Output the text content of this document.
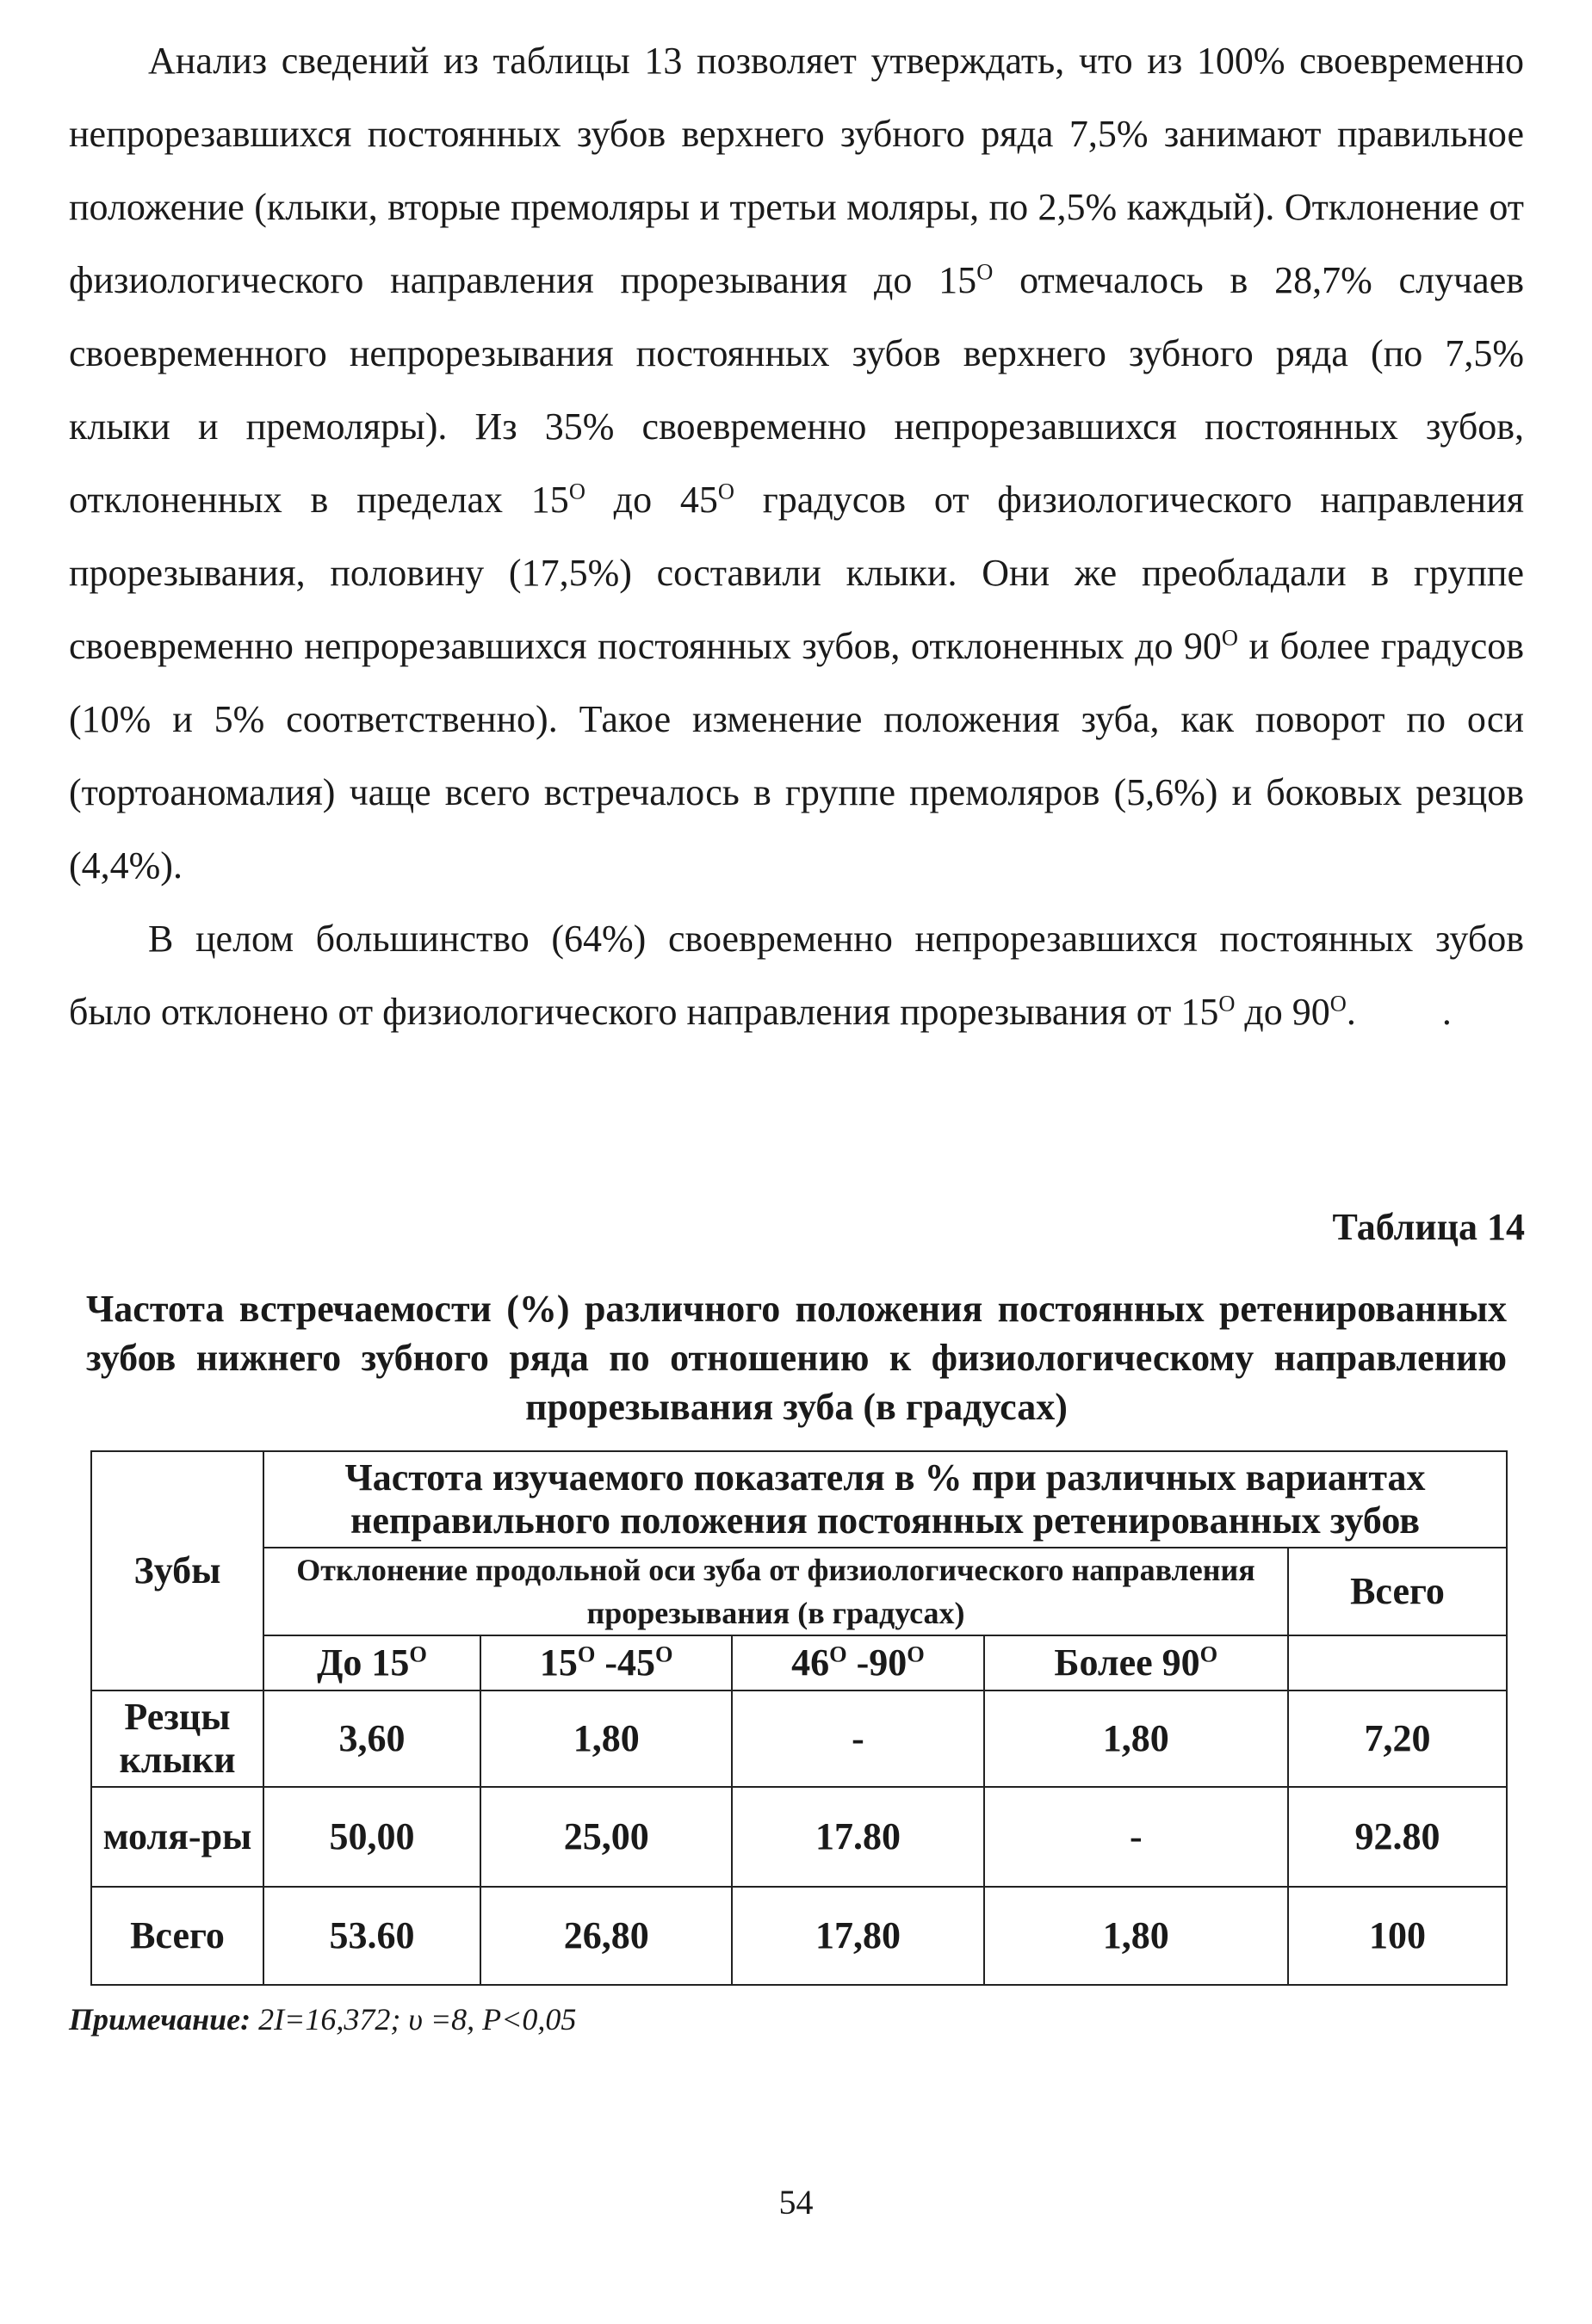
Анализ сведений из таблицы 13 позволяет утверждать, что из 100% своевременно непрорезавшихся постоянных зубов верхнего зубного ряда 7,5% занимают правильное положение (клыки, вторые премоляры и третьи моляры, по 2,5% каждый). Отклонение от физиологического направления прорезывания до $15^О$ отмечалось в 28,7% случаев своевременного непрорезывания постоянных зубов верхнего зубного ряда (по 7,5% клыки и премоляры). Из 35% своевременно непрорезавшихся постоянных зубов, отклоненных в пределах $15^О$ до $45^О$ градусов от физиологического направления прорезывания, половину (17,5%) составили клыки. Они же преобладали в группе своевременно непрорезавшихся постоянных зубов, отклоненных до $90^О$ и более градусов (10% и 5% соответственно). Такое изменение положения зуба, как поворот по оси (тортоаномалия) чаще всего встречалось в группе премоляров (5,6%) и боковых резцов (4,4%).

В целом большинство (64%) своевременно непрорезавшихся постоянных зубов было отклонено от физиологического направления прорезывания от $15^О$ до $90^О$. .

Таблица 14
Частота встречаемости (%) различного положения постоянных ретенированных зубов нижнего зубного ряда по отношению к физиологическому направлению прорезывания зуба (в градусах)
Зубы	Частота изучаемого показателя в % при различных вариантах неправильного положения постоянных ретенированных зубов				
	Отклонение продольной оси зуба от физиологического направления прорезывания (в градусах)				Всего
	До $15^О$	$15^О$ $-45^О$	$46^О$ $-90^О$	Более $90^О$	
Резцы клыки	3,60	1,80	-	1,80	7,20
моля-ры	50,00	25,00	17.80	-	92.80
Всего	53.60	26,80	17,80	1,80	100
Примечание: 2I=16,372; υ =8, P<0,05
54
